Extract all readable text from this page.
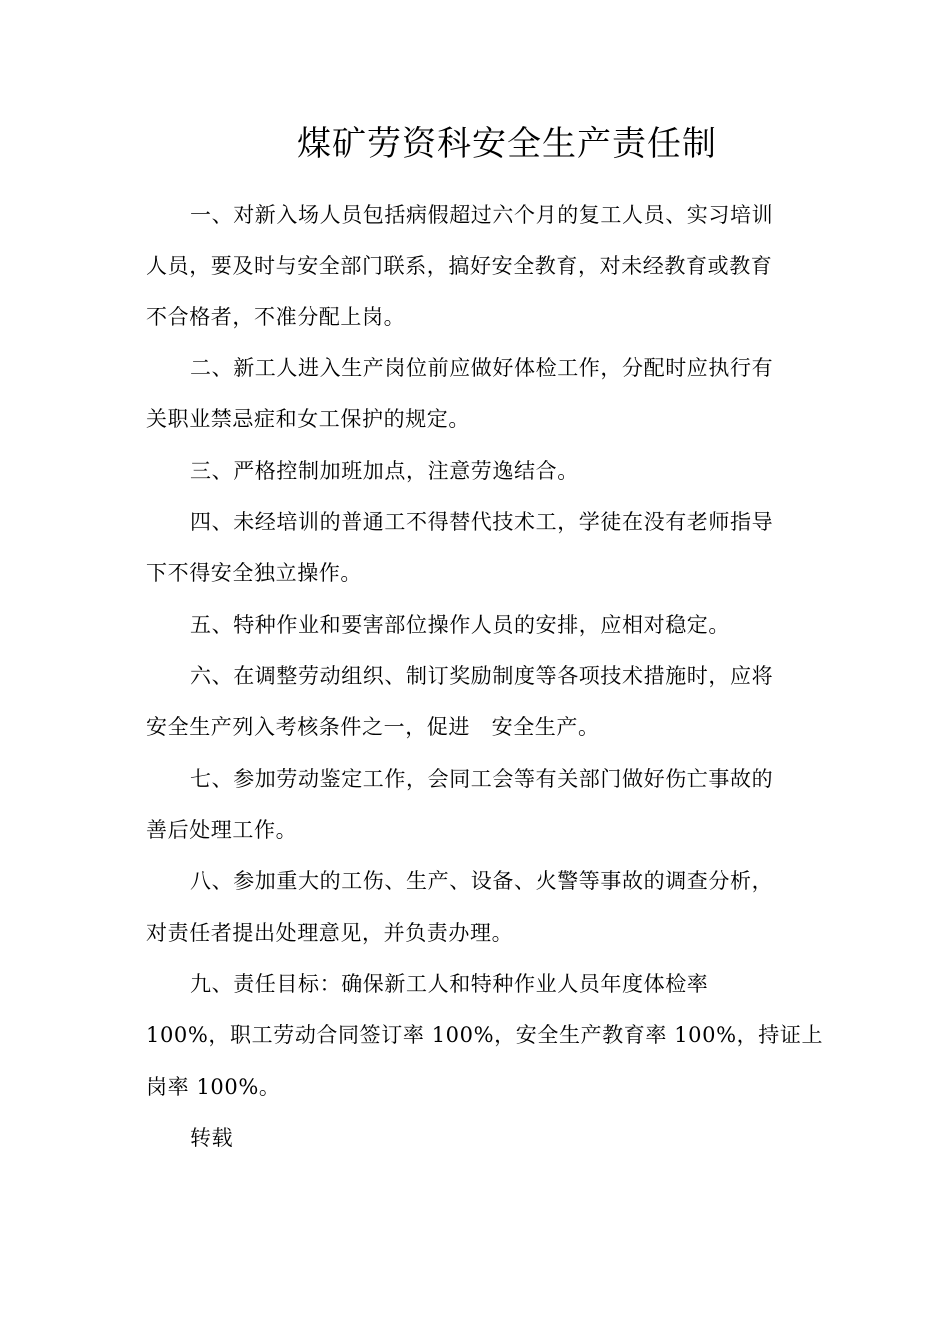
煤矿劳资科安全生产责任制

一、对新入场人员包括病假超过六个月的复工人员、实习培训

人员，要及时与安全部门联系，搞好安全教育，对未经教育或教育

不合格者，不准分配上岗。

二、新工人进入生产岗位前应做好体检工作，分配时应执行有

关职业禁忌症和女工保护的规定。

三、严格控制加班加点，注意劳逸结合。

四、未经培训的普通工不得替代技术工，学徒在没有老师指导

下不得安全独立操作。

五、特种作业和要害部位操作人员的安排，应相对稳定。

六、在调整劳动组织、制订奖励制度等各项技术措施时，应将

安全生产列入考核条件之一，促进　安全生产。

七、参加劳动鉴定工作，会同工会等有关部门做好伤亡事故的

善后处理工作。

八、参加重大的工伤、生产、设备、火警等事故的调查分析，

对责任者提出处理意见，并负责办理。

九、责任目标：确保新工人和特种作业人员年度体检率

100%，职工劳动合同签订率 100%，安全生产教育率 100%，持证上

岗率 100%。

转载
